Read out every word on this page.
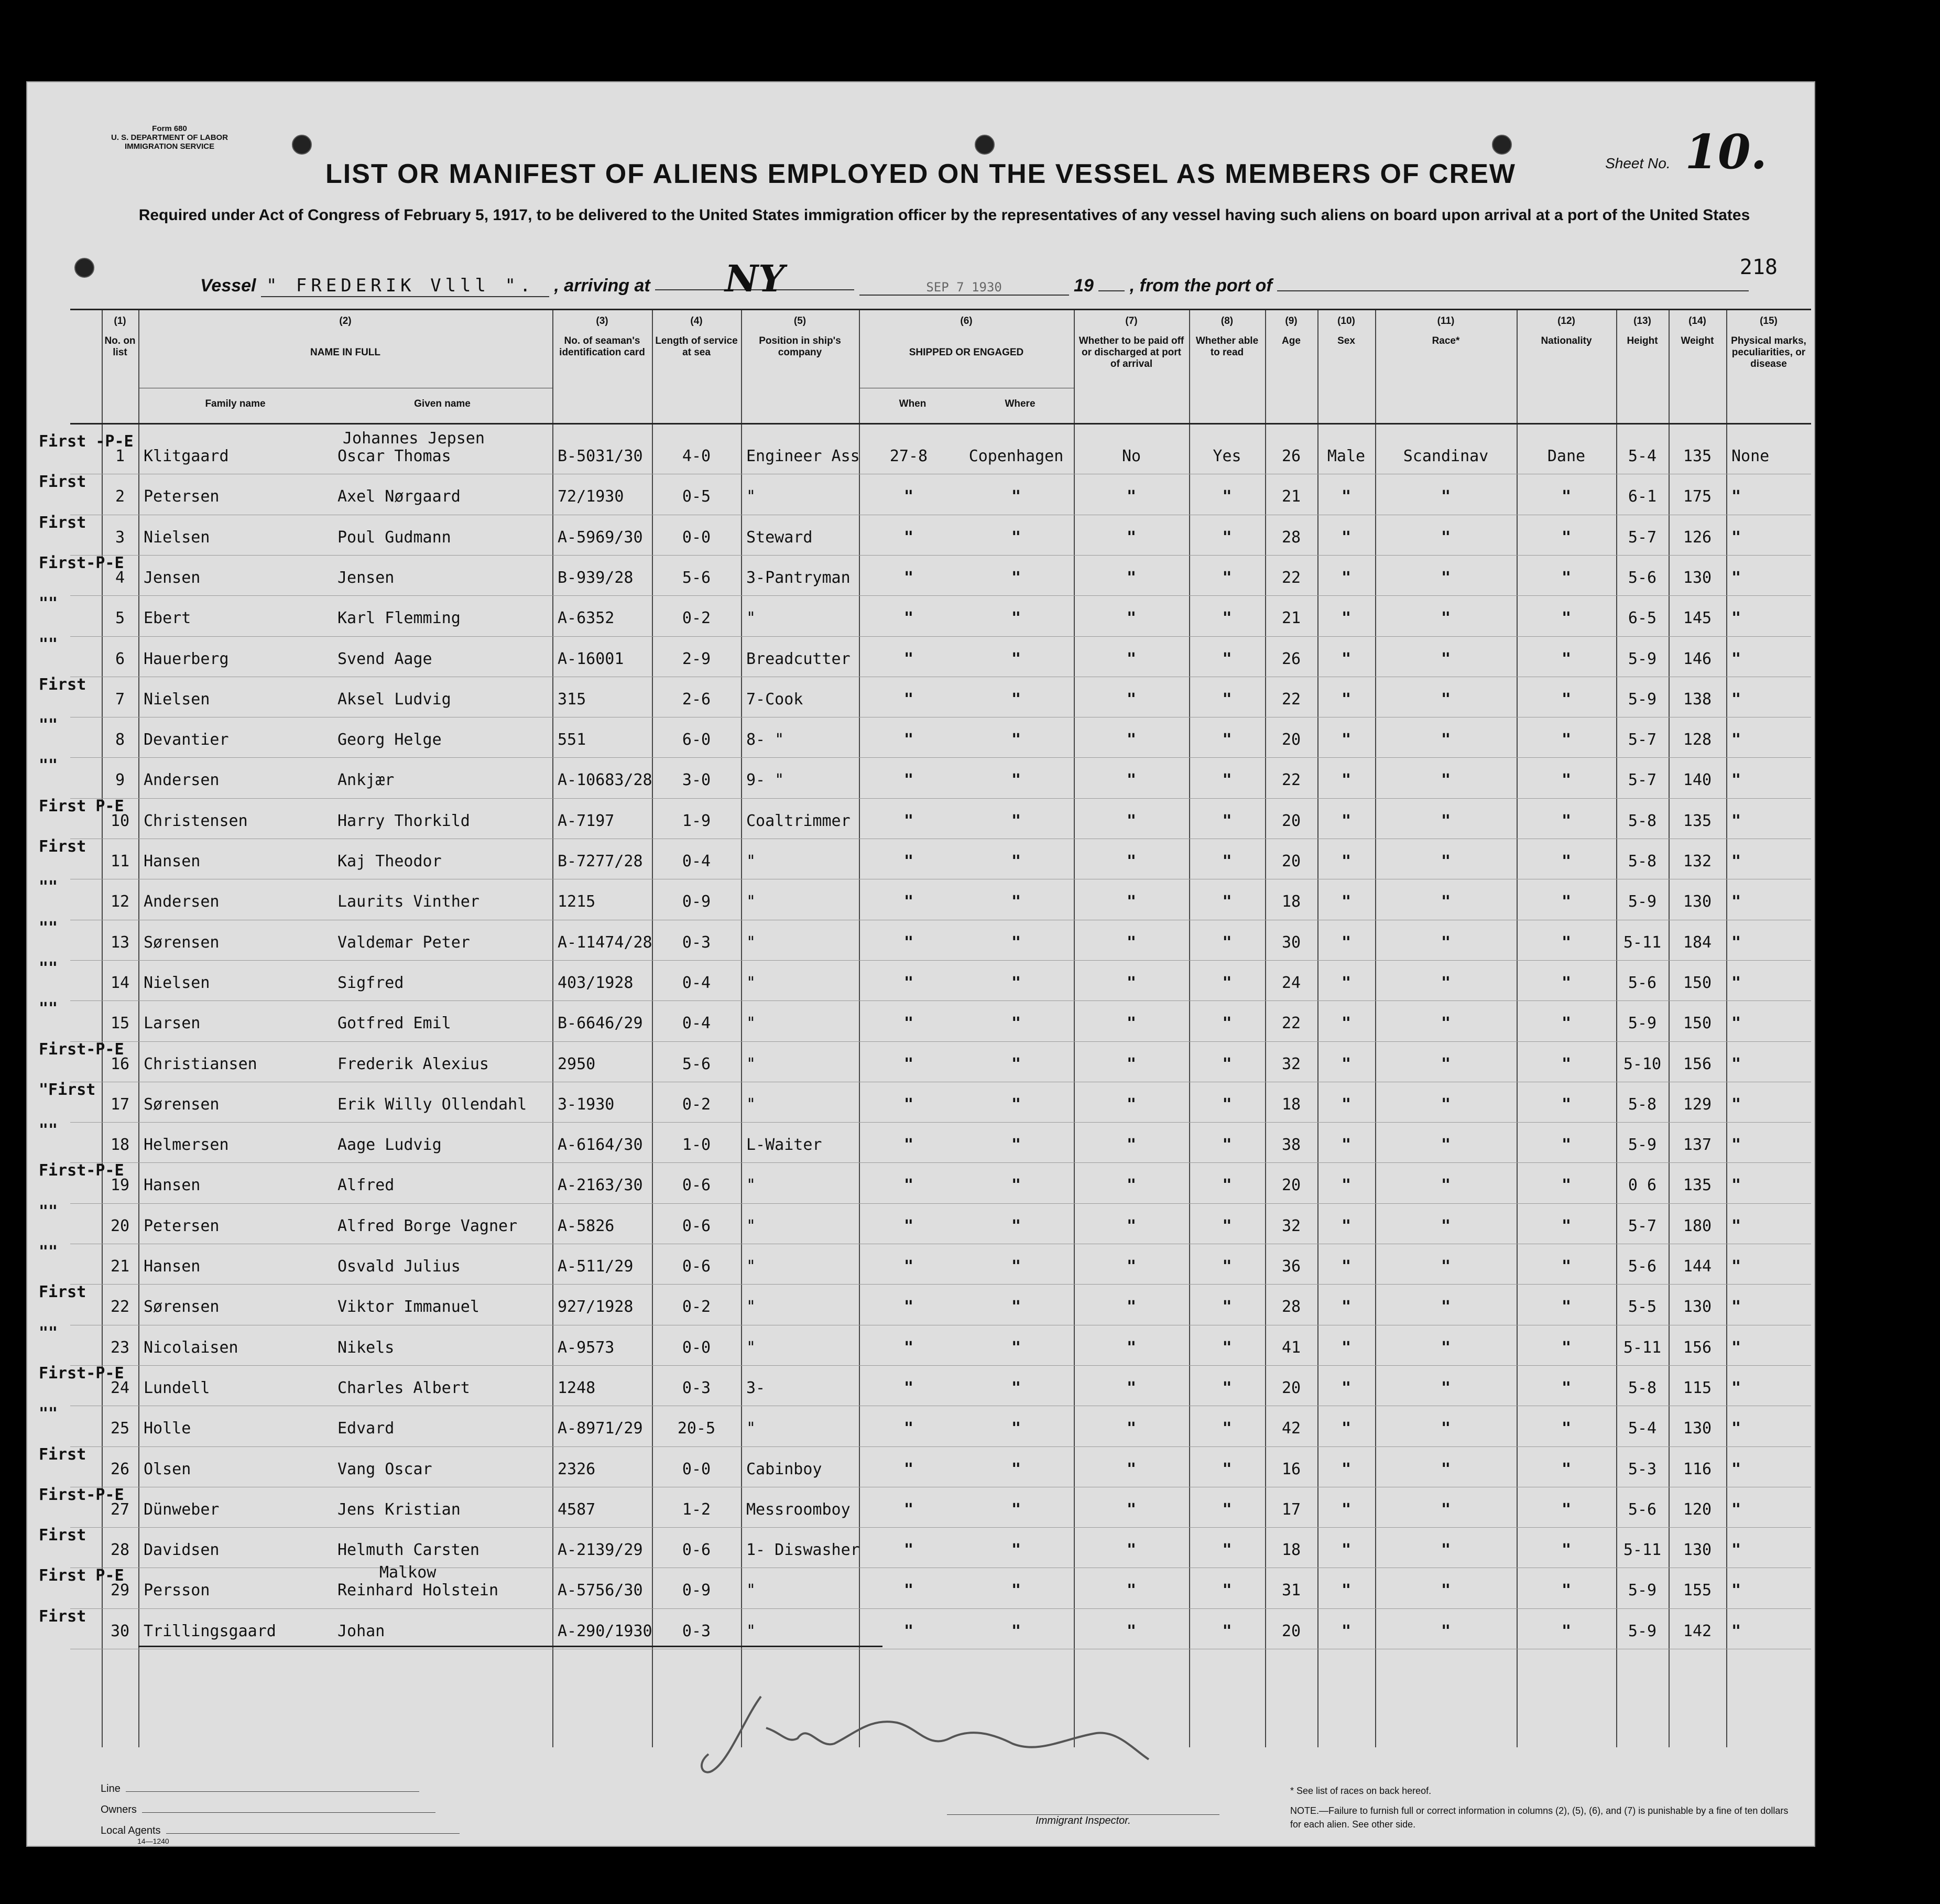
Form 680
U. S. DEPARTMENT OF LABOR
IMMIGRATION SERVICE
Sheet No. 10.
LIST OR MANIFEST OF ALIENS EMPLOYED ON THE VESSEL AS MEMBERS OF CREW
Required under Act of Congress of February 5, 1917, to be delivered to the United States immigration officer by the representatives of any vessel having such aliens on board upon arrival at a port of the United States
218
Vessel " FREDERIK Vlll ". , arriving at NY	SEP 7 1930	19 , from the port of
(1)
No. on list
(2)
NAME IN FULL
Family name	Given name
(3)
No. of seaman's identification card
(4)
Length of service at sea
(5)
Position in ship's company
(6)
SHIPPED OR ENGAGED
When	Where
(7)
Whether to be paid off or discharged at port of arrival
(8)
Whether able to read
(9)
Age
(10)
Sex
(11)
Race*
(12)
Nationality
(13)
Height
(14)
Weight
(15)
Physical marks, peculiarities, or disease
First -P-E	Johannes Jepsen
1	Klitgaard	Oscar Thomas	B-5031/30	4-0	Engineer Ass	27-8	Copenhagen	No	Yes	26	Male	Scandinav	Dane	5-4	135	None
First
2	Petersen	Axel Nørgaard	72/1930	0-5	"	"	"	"	"	21	"	"	"	6-1	175	"
First
3	Nielsen	Poul Gudmann	A-5969/30	0-0	Steward	"	"	"	"	28	"	"	"	5-7	126	"
First-P-E
4	Jensen	Jensen	B-939/28	5-6	3-Pantryman	"	"	"	"	22	"	"	"	5-6	130	"
""
5	Ebert	Karl Flemming	A-6352	0-2	"	"	"	"	"	21	"	"	"	6-5	145	"
""
6	Hauerberg	Svend Aage	A-16001	2-9	Breadcutter	"	"	"	"	26	"	"	"	5-9	146	"
First
7	Nielsen	Aksel Ludvig	315	2-6	7-Cook	"	"	"	"	22	"	"	"	5-9	138	"
""
8	Devantier	Georg Helge	551	6-0	8- "	"	"	"	"	20	"	"	"	5-7	128	"
""
9	Andersen	Ankjær	A-10683/28	3-0	9- "	"	"	"	"	22	"	"	"	5-7	140	"
First P-E
10 Christensen	Harry Thorkild	A-7197	1-9	Coaltrimmer	"	"	"	"	20	"	"	"	5-8	135	"
First
11 Hansen	Kaj Theodor	B-7277/28	0-4	"	"	"	"	"	20	"	"	"	5-8	132	"
""
12 Andersen	Laurits Vinther	1215	0-9	"	"	"	"	"	18	"	"	"	5-9	130	"
""
13 Sørensen	Valdemar Peter	A-11474/28	0-3	"	"	"	"	"	30	"	"	"	5-11	184	"
""
14 Nielsen	Sigfred	403/1928	0-4	"	"	"	"	"	24	"	"	"	5-6	150	"
""
15 Larsen	Gotfred Emil	B-6646/29	0-4	"	"	"	"	"	22	"	"	"	5-9	150	"
First-P-E
16 Christiansen	Frederik Alexius	2950	5-6	"	"	"	"	"	32	"	"	"	5-10	156	"
"First
17 Sørensen	Erik Willy Ollendahl	3-1930	0-2	"	"	"	"	"	18	"	"	"	5-8	129	"
""
18 Helmersen	Aage Ludvig	A-6164/30	1-0	L-Waiter	"	"	"	"	38	"	"	"	5-9	137	"
First-P-E
19 Hansen	Alfred	A-2163/30	0-6	"	"	"	"	"	20	"	"	"	0 6	135	"
""
20 Petersen	Alfred Borge Vagner	A-5826	0-6	"	"	"	"	"	32	"	"	"	5-7	180	"
""
21 Hansen	Osvald Julius	A-511/29	0-6	"	"	"	"	"	36	"	"	"	5-6	144	"
First
22 Sørensen	Viktor Immanuel	927/1928	0-2	"	"	"	"	"	28	"	"	"	5-5	130	"
""
23 Nicolaisen	Nikels	A-9573	0-0	"	"	"	"	"	41	"	"	"	5-11	156	"
First-P-E
24 Lundell	Charles Albert	1248	0-3	3-	"	"	"	"	20	"	"	"	5-8	115	"
""
25 Holle	Edvard	A-8971/29	20-5	"	"	"	"	"	42	"	"	"	5-4	130	"
First
26 Olsen	Vang Oscar	2326	0-0	Cabinboy	"	"	"	"	16	"	"	"	5-3	116	"
First-P-E
27 Dünweber	Jens Kristian	4587	1-2	Messroomboy	"	"	"	"	17	"	"	"	5-6	120	"
First
28 Davidsen	Helmuth Carsten	A-2139/29	0-6	1- Diswasher	"	"	"	"	18	"	"	"	5-11	130	"
First P-E	Malkow
29 Persson	Reinhard Holstein	A-5756/30	0-9	"	"	"	"	"	31	"	"	"	5-9	155	"
First
30 Trillingsgaard	Johan	A-290/1930	0-3	"	"	"	"	"	20	"	"	"	5-9	142	"
Line
Owners
Local Agents
14—1240
Immigrant Inspector.
* See list of races on back hereof.
NOTE.—Failure to furnish full or correct information in columns (2), (5), (6), and (7) is punishable by a fine of ten dollars for each alien. See other side.
